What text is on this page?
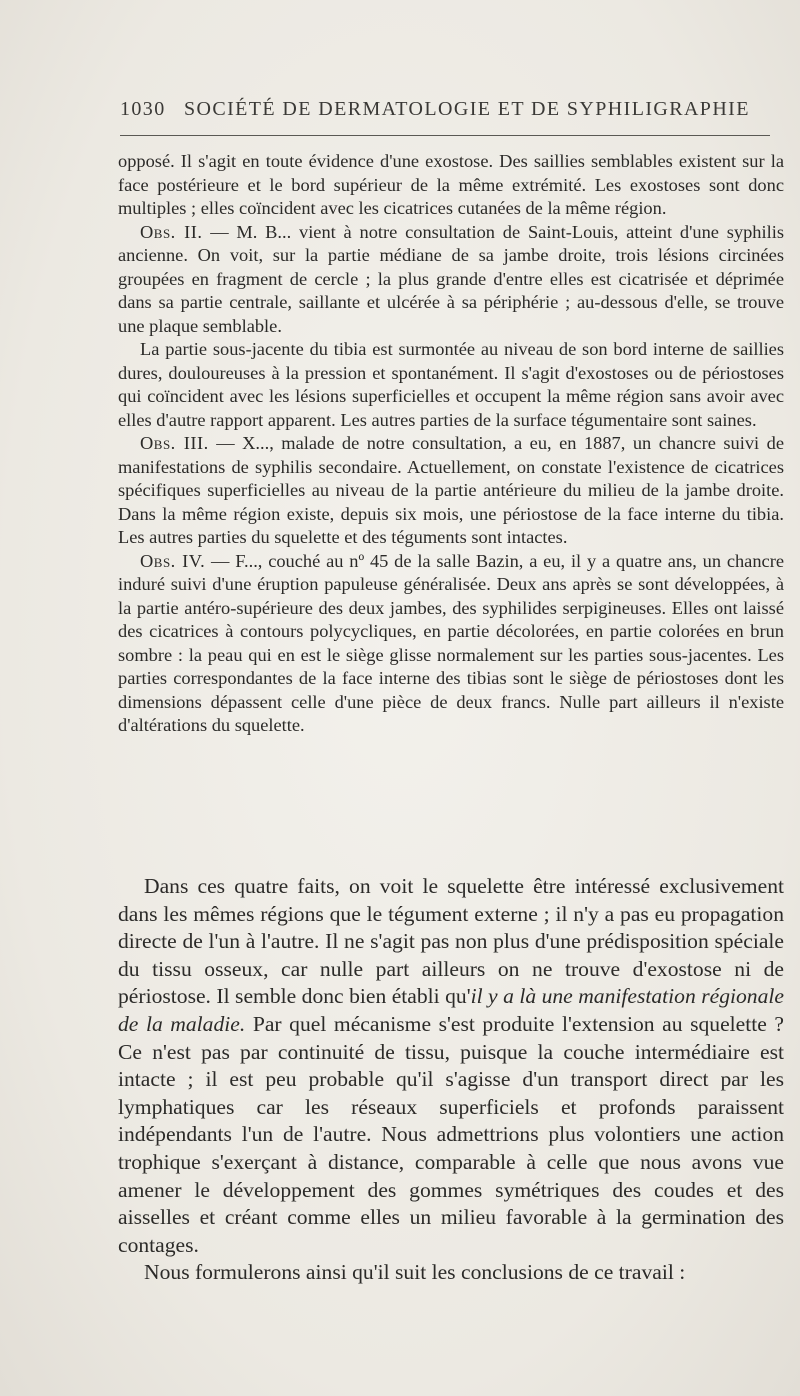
1030 SOCIÉTÉ DE DERMATOLOGIE ET DE SYPHILIGRAPHIE

opposé. Il s'agit en toute évidence d'une exostose. Des saillies semblables existent sur la face postérieure et le bord supérieur de la même extrémité. Les exostoses sont donc multiples ; elles coïncident avec les cicatrices cutanées de la même région.

Obs. II. — M. B... vient à notre consultation de Saint-Louis, atteint d'une syphilis ancienne. On voit, sur la partie médiane de sa jambe droite, trois lésions circinées groupées en fragment de cercle ; la plus grande d'entre elles est cicatrisée et déprimée dans sa partie centrale, saillante et ulcérée à sa périphérie ; au-dessous d'elle, se trouve une plaque semblable.

La partie sous-jacente du tibia est surmontée au niveau de son bord interne de saillies dures, douloureuses à la pression et spontanément. Il s'agit d'exostoses ou de périostoses qui coïncident avec les lésions superficielles et occupent la même région sans avoir avec elles d'autre rapport apparent. Les autres parties de la surface tégumentaire sont saines.

Obs. III. — X..., malade de notre consultation, a eu, en 1887, un chancre suivi de manifestations de syphilis secondaire. Actuellement, on constate l'existence de cicatrices spécifiques superficielles au niveau de la partie antérieure du milieu de la jambe droite. Dans la même région existe, depuis six mois, une périostose de la face interne du tibia. Les autres parties du squelette et des téguments sont intactes.

Obs. IV. — F..., couché au nº 45 de la salle Bazin, a eu, il y a quatre ans, un chancre induré suivi d'une éruption papuleuse généralisée. Deux ans après se sont développées, à la partie antéro-supérieure des deux jambes, des syphilides serpigineuses. Elles ont laissé des cicatrices à contours polycycliques, en partie décolorées, en partie colorées en brun sombre : la peau qui en est le siège glisse normalement sur les parties sous-jacentes. Les parties correspondantes de la face interne des tibias sont le siège de périostoses dont les dimensions dépassent celle d'une pièce de deux francs. Nulle part ailleurs il n'existe d'altérations du squelette.

Dans ces quatre faits, on voit le squelette être intéressé exclusivement dans les mêmes régions que le tégument externe ; il n'y a pas eu propagation directe de l'un à l'autre. Il ne s'agit pas non plus d'une prédisposition spéciale du tissu osseux, car nulle part ailleurs on ne trouve d'exostose ni de périostose. Il semble donc bien établi qu'il y a là une manifestation régionale de la maladie. Par quel mécanisme s'est produite l'extension au squelette ? Ce n'est pas par continuité de tissu, puisque la couche intermédiaire est intacte ; il est peu probable qu'il s'agisse d'un transport direct par les lymphatiques car les réseaux superficiels et profonds paraissent indépendants l'un de l'autre. Nous admettrions plus volontiers une action trophique s'exerçant à distance, comparable à celle que nous avons vue amener le développement des gommes symétriques des coudes et des aisselles et créant comme elles un milieu favorable à la germination des contages.

Nous formulerons ainsi qu'il suit les conclusions de ce travail :
